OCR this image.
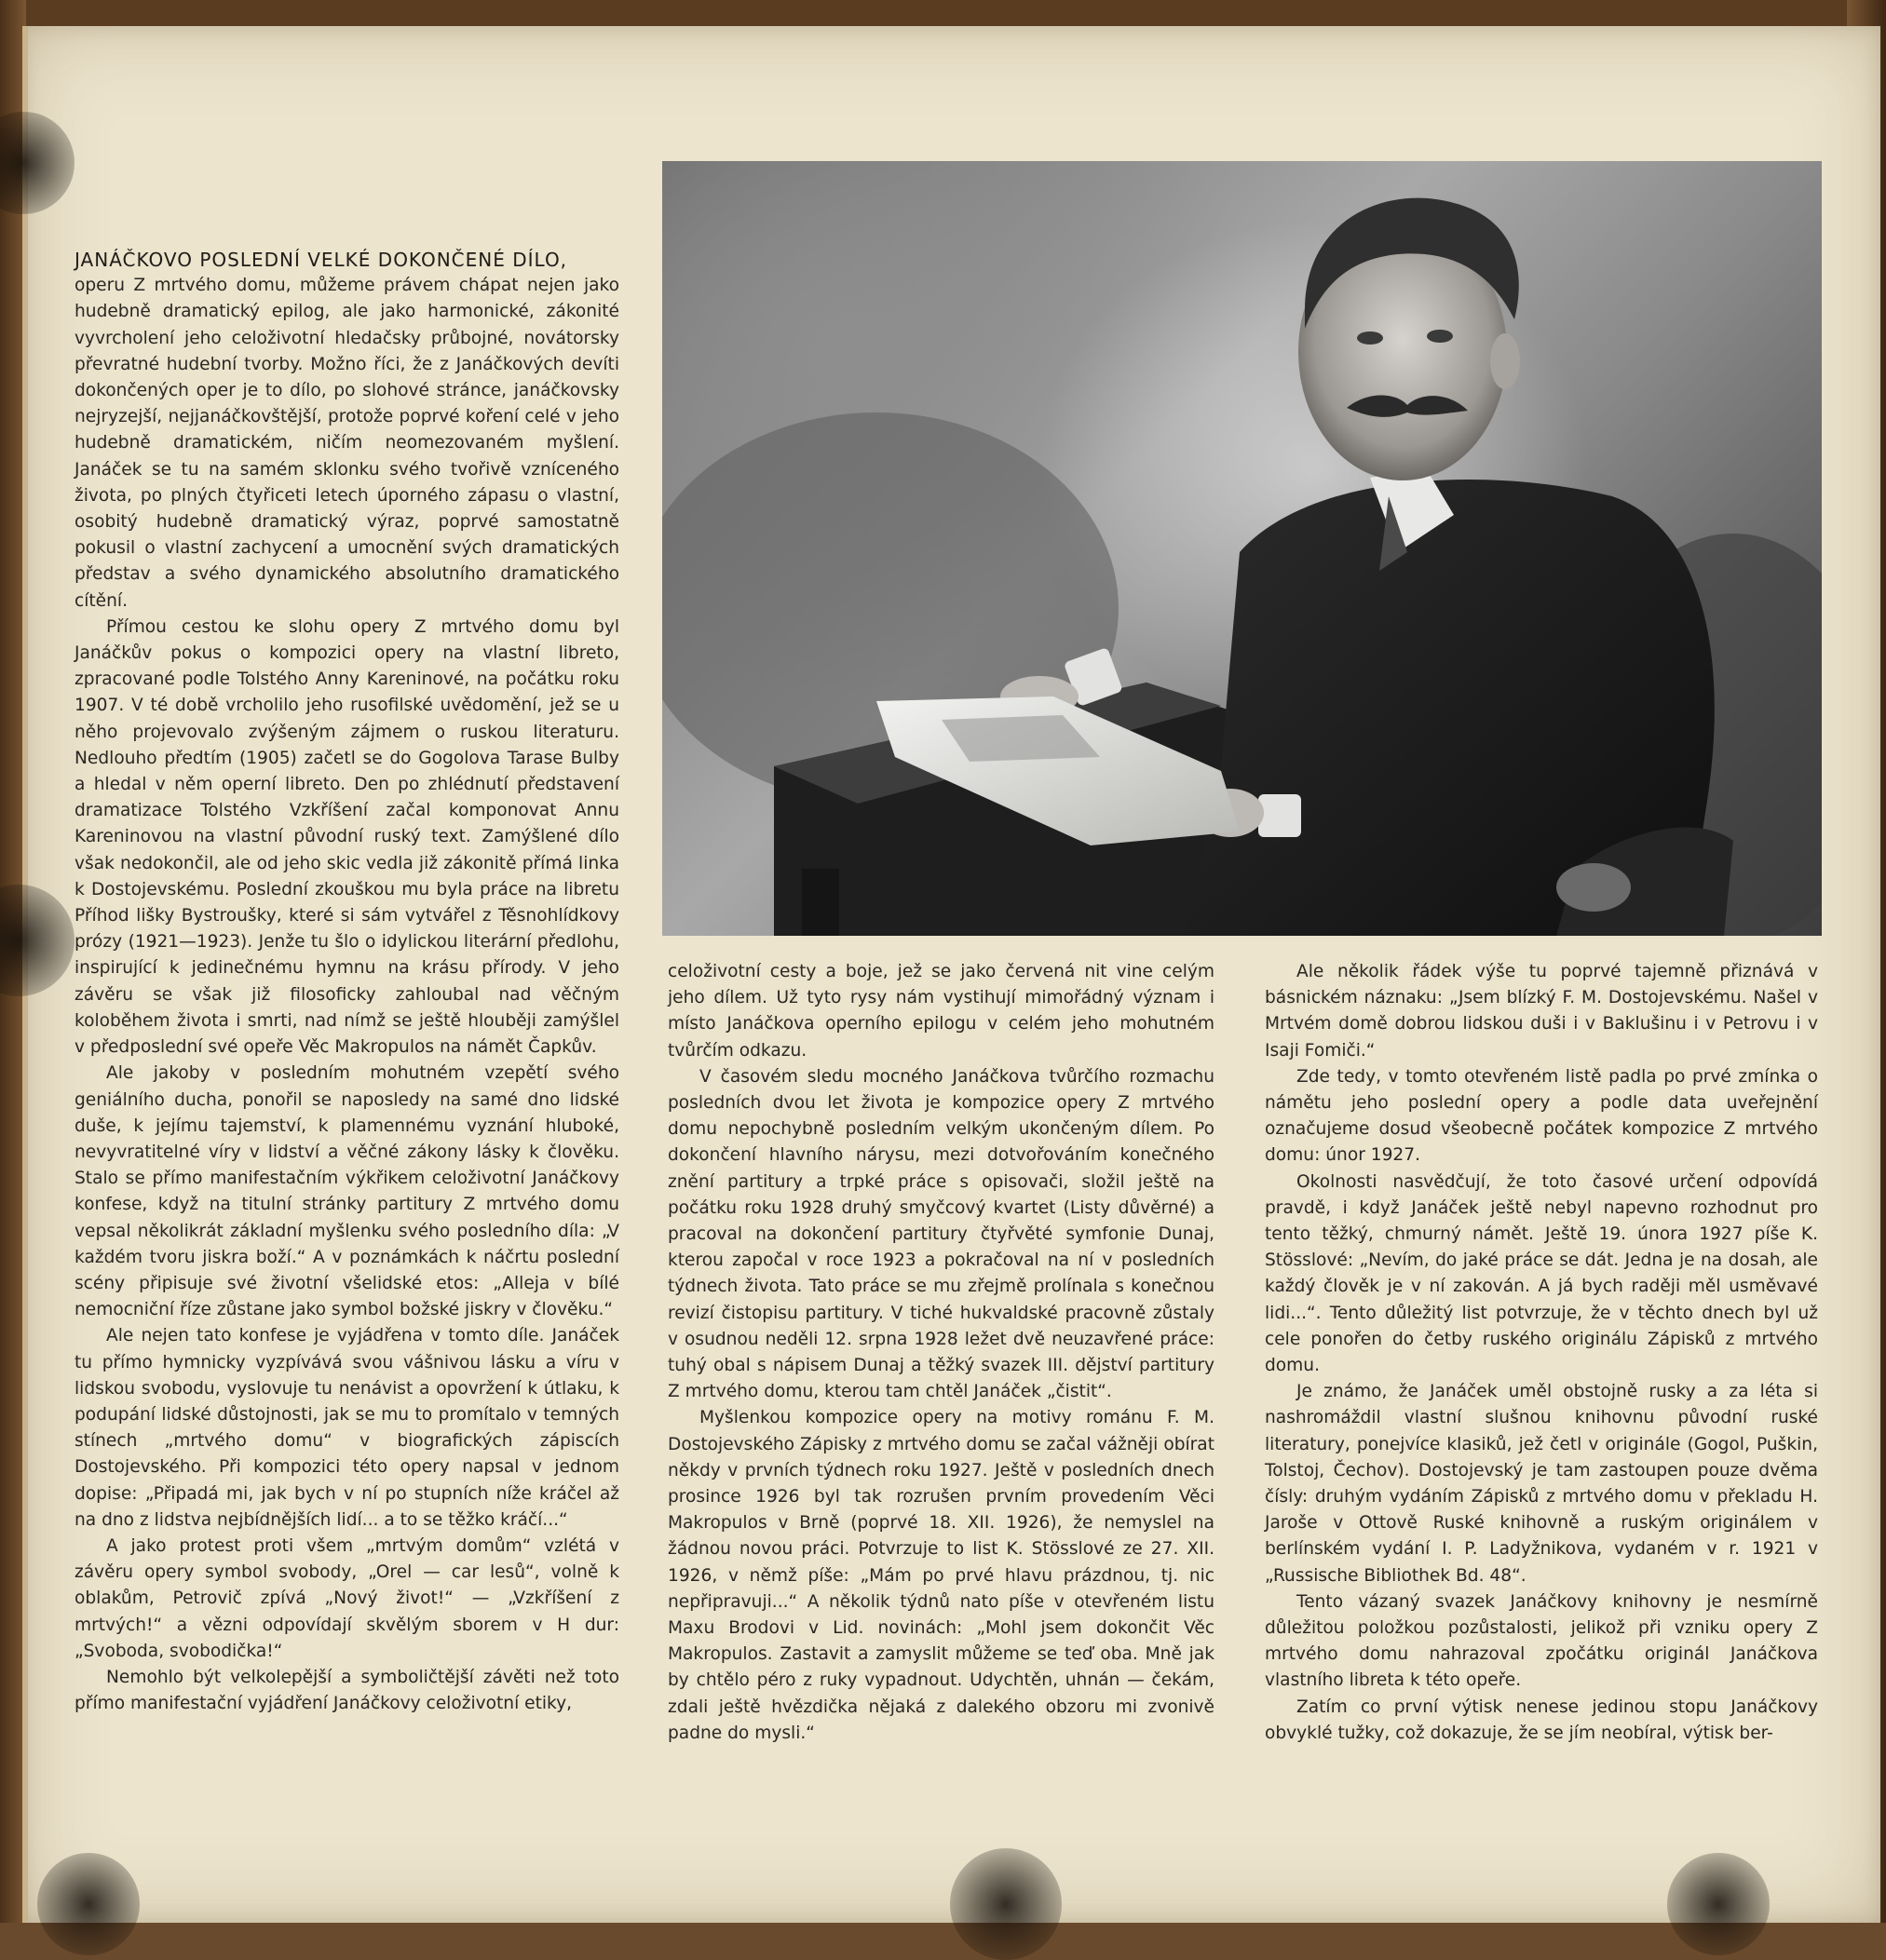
JANÁČKOVO POSLEDNÍ VELKÉ DOKONČENÉ DÍLO,

operu Z mrtvého domu, můžeme právem chápat nejen jako hudebně dramatický epilog, ale jako harmonické, zákonité vyvrcholení jeho celoživotní hledačsky průbojné, novátorsky převratné hudební tvorby. Možno říci, že z Janáčkových devíti dokončených oper je to dílo, po slohové stránce, janáčkovsky nejryzejší, nejjanáčkovštější, protože poprvé koření celé v jeho hudebně dramatickém, ničím neomezovaném myšlení. Janáček se tu na samém sklonku svého tvořivě vzníceného života, po plných čtyřiceti letech úporného zápasu o vlastní, osobitý hudebně dramatický výraz, poprvé samostatně pokusil o vlastní zachycení a umocnění svých dramatických představ a svého dynamického absolutního dramatického cítění.

Přímou cestou ke slohu opery Z mrtvého domu byl Janáčkův pokus o kompozici opery na vlastní libreto, zpracované podle Tolstého Anny Kareninové, na počátku roku 1907. V té době vrcholilo jeho rusofilské uvědomění, jež se u něho projevovalo zvýšeným zájmem o ruskou literaturu. Nedlouho předtím (1905) začetl se do Gogolova Tarase Bulby a hledal v něm operní libreto. Den po zhlédnutí představení dramatizace Tolstého Vzkříšení začal komponovat Annu Kareninovou na vlastní původní ruský text. Zamýšlené dílo však nedokončil, ale od jeho skic vedla již zákonitě přímá linka k Dostojevskému. Poslední zkouškou mu byla práce na libretu Příhod lišky Bystroušky, které si sám vytvářel z Těsnohlídkovy prózy (1921—1923). Jenže tu šlo o idylickou literární předlohu, inspirující k jedinečnému hymnu na krásu přírody. V jeho závěru se však již filosoficky zahloubal nad věčným koloběhem života i smrti, nad nímž se ještě hlouběji zamýšlel v předposlední své opeře Věc Makropulos na námět Čapkův.

Ale jakoby v posledním mohutném vzepětí svého geniálního ducha, ponořil se naposledy na samé dno lidské duše, k jejímu tajemství, k plamennému vyznání hluboké, nevyvratitelné víry v lidství a věčné zákony lásky k člověku. Stalo se přímo manifestačním výkřikem celoživotní Janáčkovy konfese, když na titulní stránky partitury Z mrtvého domu vepsal několikrát základní myšlenku svého posledního díla: „V každém tvoru jiskra boží.“ A v poznámkách k náčrtu poslední scény připisuje své životní všelidské etos: „Alleja v bílé nemocniční říze zůstane jako symbol božské jiskry v člověku.“

Ale nejen tato konfese je vyjádřena v tomto díle. Janáček tu přímo hymnicky vyzpívává svou vášnivou lásku a víru v lidskou svobodu, vyslovuje tu nenávist a opovržení k útlaku, k podupání lidské důstojnosti, jak se mu to promítalo v temných stínech „mrtvého domu“ v biografických zápiscích Dostojevského. Při kompozici této opery napsal v jednom dopise: „Připadá mi, jak bych v ní po stupních níže kráčel až na dno z lidstva nejbídnějších lidí... a to se těžko kráčí...“

A jako protest proti všem „mrtvým domům“ vzlétá v závěru opery symbol svobody, „Orel — car lesů“, volně k oblakům, Petrovič zpívá „Nový život!“ — „Vzkříšení z mrtvých!“ a vězni odpovídají skvělým sborem v H dur: „Svoboda, svobodička!“

Nemohlo být velkolepější a symboličtější závěti než toto přímo manifestační vyjádření Janáčkovy celoživotní etiky,

celoživotní cesty a boje, jež se jako červená nit vine celým jeho dílem. Už tyto rysy nám vystihují mimořádný význam i místo Janáčkova operního epilogu v celém jeho mohutném tvůrčím odkazu.

V časovém sledu mocného Janáčkova tvůrčího rozmachu posledních dvou let života je kompozice opery Z mrtvého domu nepochybně posledním velkým ukončeným dílem. Po dokončení hlavního nárysu, mezi dotvořováním konečného znění partitury a trpké práce s opisovači, složil ještě na počátku roku 1928 druhý smyčcový kvartet (Listy důvěrné) a pracoval na dokončení partitury čtyřvěté symfonie Dunaj, kterou započal v roce 1923 a pokračoval na ní v posledních týdnech života. Tato práce se mu zřejmě prolínala s konečnou revizí čistopisu partitury. V tiché hukvaldské pracovně zůstaly v osudnou neděli 12. srpna 1928 ležet dvě neuzavřené práce: tuhý obal s nápisem Dunaj a těžký svazek III. dějství partitury Z mrtvého domu, kterou tam chtěl Janáček „čistit“.

Myšlenkou kompozice opery na motivy románu F. M. Dostojevského Zápisky z mrtvého domu se začal vážněji obírat někdy v prvních týdnech roku 1927. Ještě v posledních dnech prosince 1926 byl tak rozrušen prvním provedením Věci Makropulos v Brně (poprvé 18. XII. 1926), že nemyslel na žádnou novou práci. Potvrzuje to list K. Stösslové ze 27. XII. 1926, v němž píše: „Mám po prvé hlavu prázdnou, tj. nic nepřipravuji...“ A několik týdnů nato píše v otevřeném listu Maxu Brodovi v Lid. novinách: „Mohl jsem dokončit Věc Makropulos. Zastavit a zamyslit můžeme se teď oba. Mně jak by chtělo péro z ruky vypadnout. Udychtěn, uhnán — čekám, zdali ještě hvězdička nějaká z dalekého obzoru mi zvonivě padne do mysli.“

Ale několik řádek výše tu poprvé tajemně přiznává v básnickém náznaku: „Jsem blízký F. M. Dostojevskému. Našel v Mrtvém domě dobrou lidskou duši i v Baklušinu i v Petrovu i v Isaji Fomiči.“

Zde tedy, v tomto otevřeném listě padla po prvé zmínka o námětu jeho poslední opery a podle data uveřejnění označujeme dosud všeobecně počátek kompozice Z mrtvého domu: únor 1927.

Okolnosti nasvědčují, že toto časové určení odpovídá pravdě, i když Janáček ještě nebyl napevno rozhodnut pro tento těžký, chmurný námět. Ještě 19. února 1927 píše K. Stösslové: „Nevím, do jaké práce se dát. Jedna je na dosah, ale každý člověk je v ní zakován. A já bych raději měl usměvavé lidi...“. Tento důležitý list potvrzuje, že v těchto dnech byl už cele ponořen do četby ruského originálu Zápisků z mrtvého domu.

Je známo, že Janáček uměl obstojně rusky a za léta si nashromáždil vlastní slušnou knihovnu původní ruské literatury, ponejvíce klasiků, jež četl v originále (Gogol, Puškin, Tolstoj, Čechov). Dostojevský je tam zastoupen pouze dvěma čísly: druhým vydáním Zápisků z mrtvého domu v překladu H. Jaroše v Ottově Ruské knihovně a ruským originálem v berlínském vydání I. P. Ladyžnikova, vydaném v r. 1921 v „Russische Bibliothek Bd. 48“.

Tento vázaný svazek Janáčkovy knihovny je nesmírně důležitou položkou pozůstalosti, jelikož při vzniku opery Z mrtvého domu nahrazoval zpočátku originál Janáčkova vlastního libreta k této opeře.

Zatím co první výtisk nenese jedinou stopu Janáčkovy obvyklé tužky, což dokazuje, že se jím neobíral, výtisk ber-
